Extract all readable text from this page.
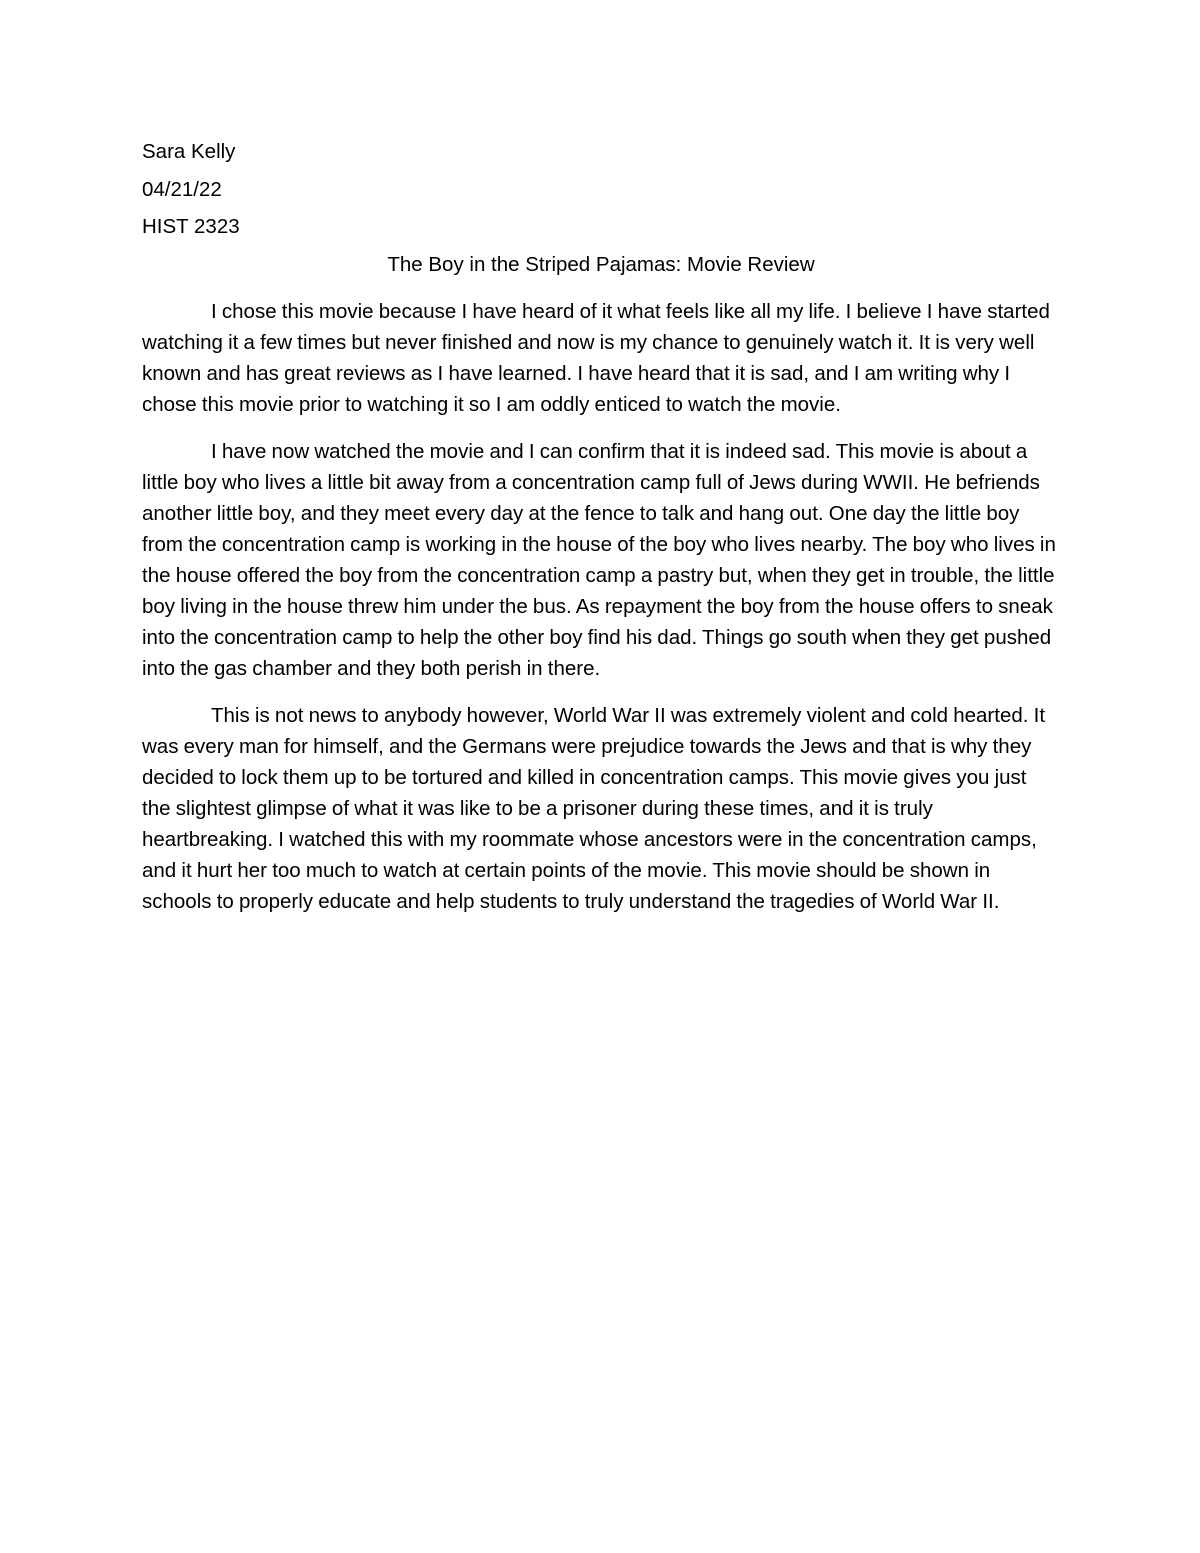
Sara Kelly

04/21/22

HIST 2323

The Boy in the Striped Pajamas: Movie Review

I chose this movie because I have heard of it what feels like all my life. I believe I have started watching it a few times but never finished and now is my chance to genuinely watch it. It is very well known and has great reviews as I have learned. I have heard that it is sad, and I am writing why I chose this movie prior to watching it so I am oddly enticed to watch the movie.

I have now watched the movie and I can confirm that it is indeed sad. This movie is about a little boy who lives a little bit away from a concentration camp full of Jews during WWII. He befriends another little boy, and they meet every day at the fence to talk and hang out. One day the little boy from the concentration camp is working in the house of the boy who lives nearby. The boy who lives in the house offered the boy from the concentration camp a pastry but, when they get in trouble, the little boy living in the house threw him under the bus. As repayment the boy from the house offers to sneak into the concentration camp to help the other boy find his dad. Things go south when they get pushed into the gas chamber and they both perish in there.

This is not news to anybody however, World War II was extremely violent and cold hearted. It was every man for himself, and the Germans were prejudice towards the Jews and that is why they decided to lock them up to be tortured and killed in concentration camps. This movie gives you just the slightest glimpse of what it was like to be a prisoner during these times, and it is truly heartbreaking. I watched this with my roommate whose ancestors were in the concentration camps, and it hurt her too much to watch at certain points of the movie. This movie should be shown in schools to properly educate and help students to truly understand the tragedies of World War II.
